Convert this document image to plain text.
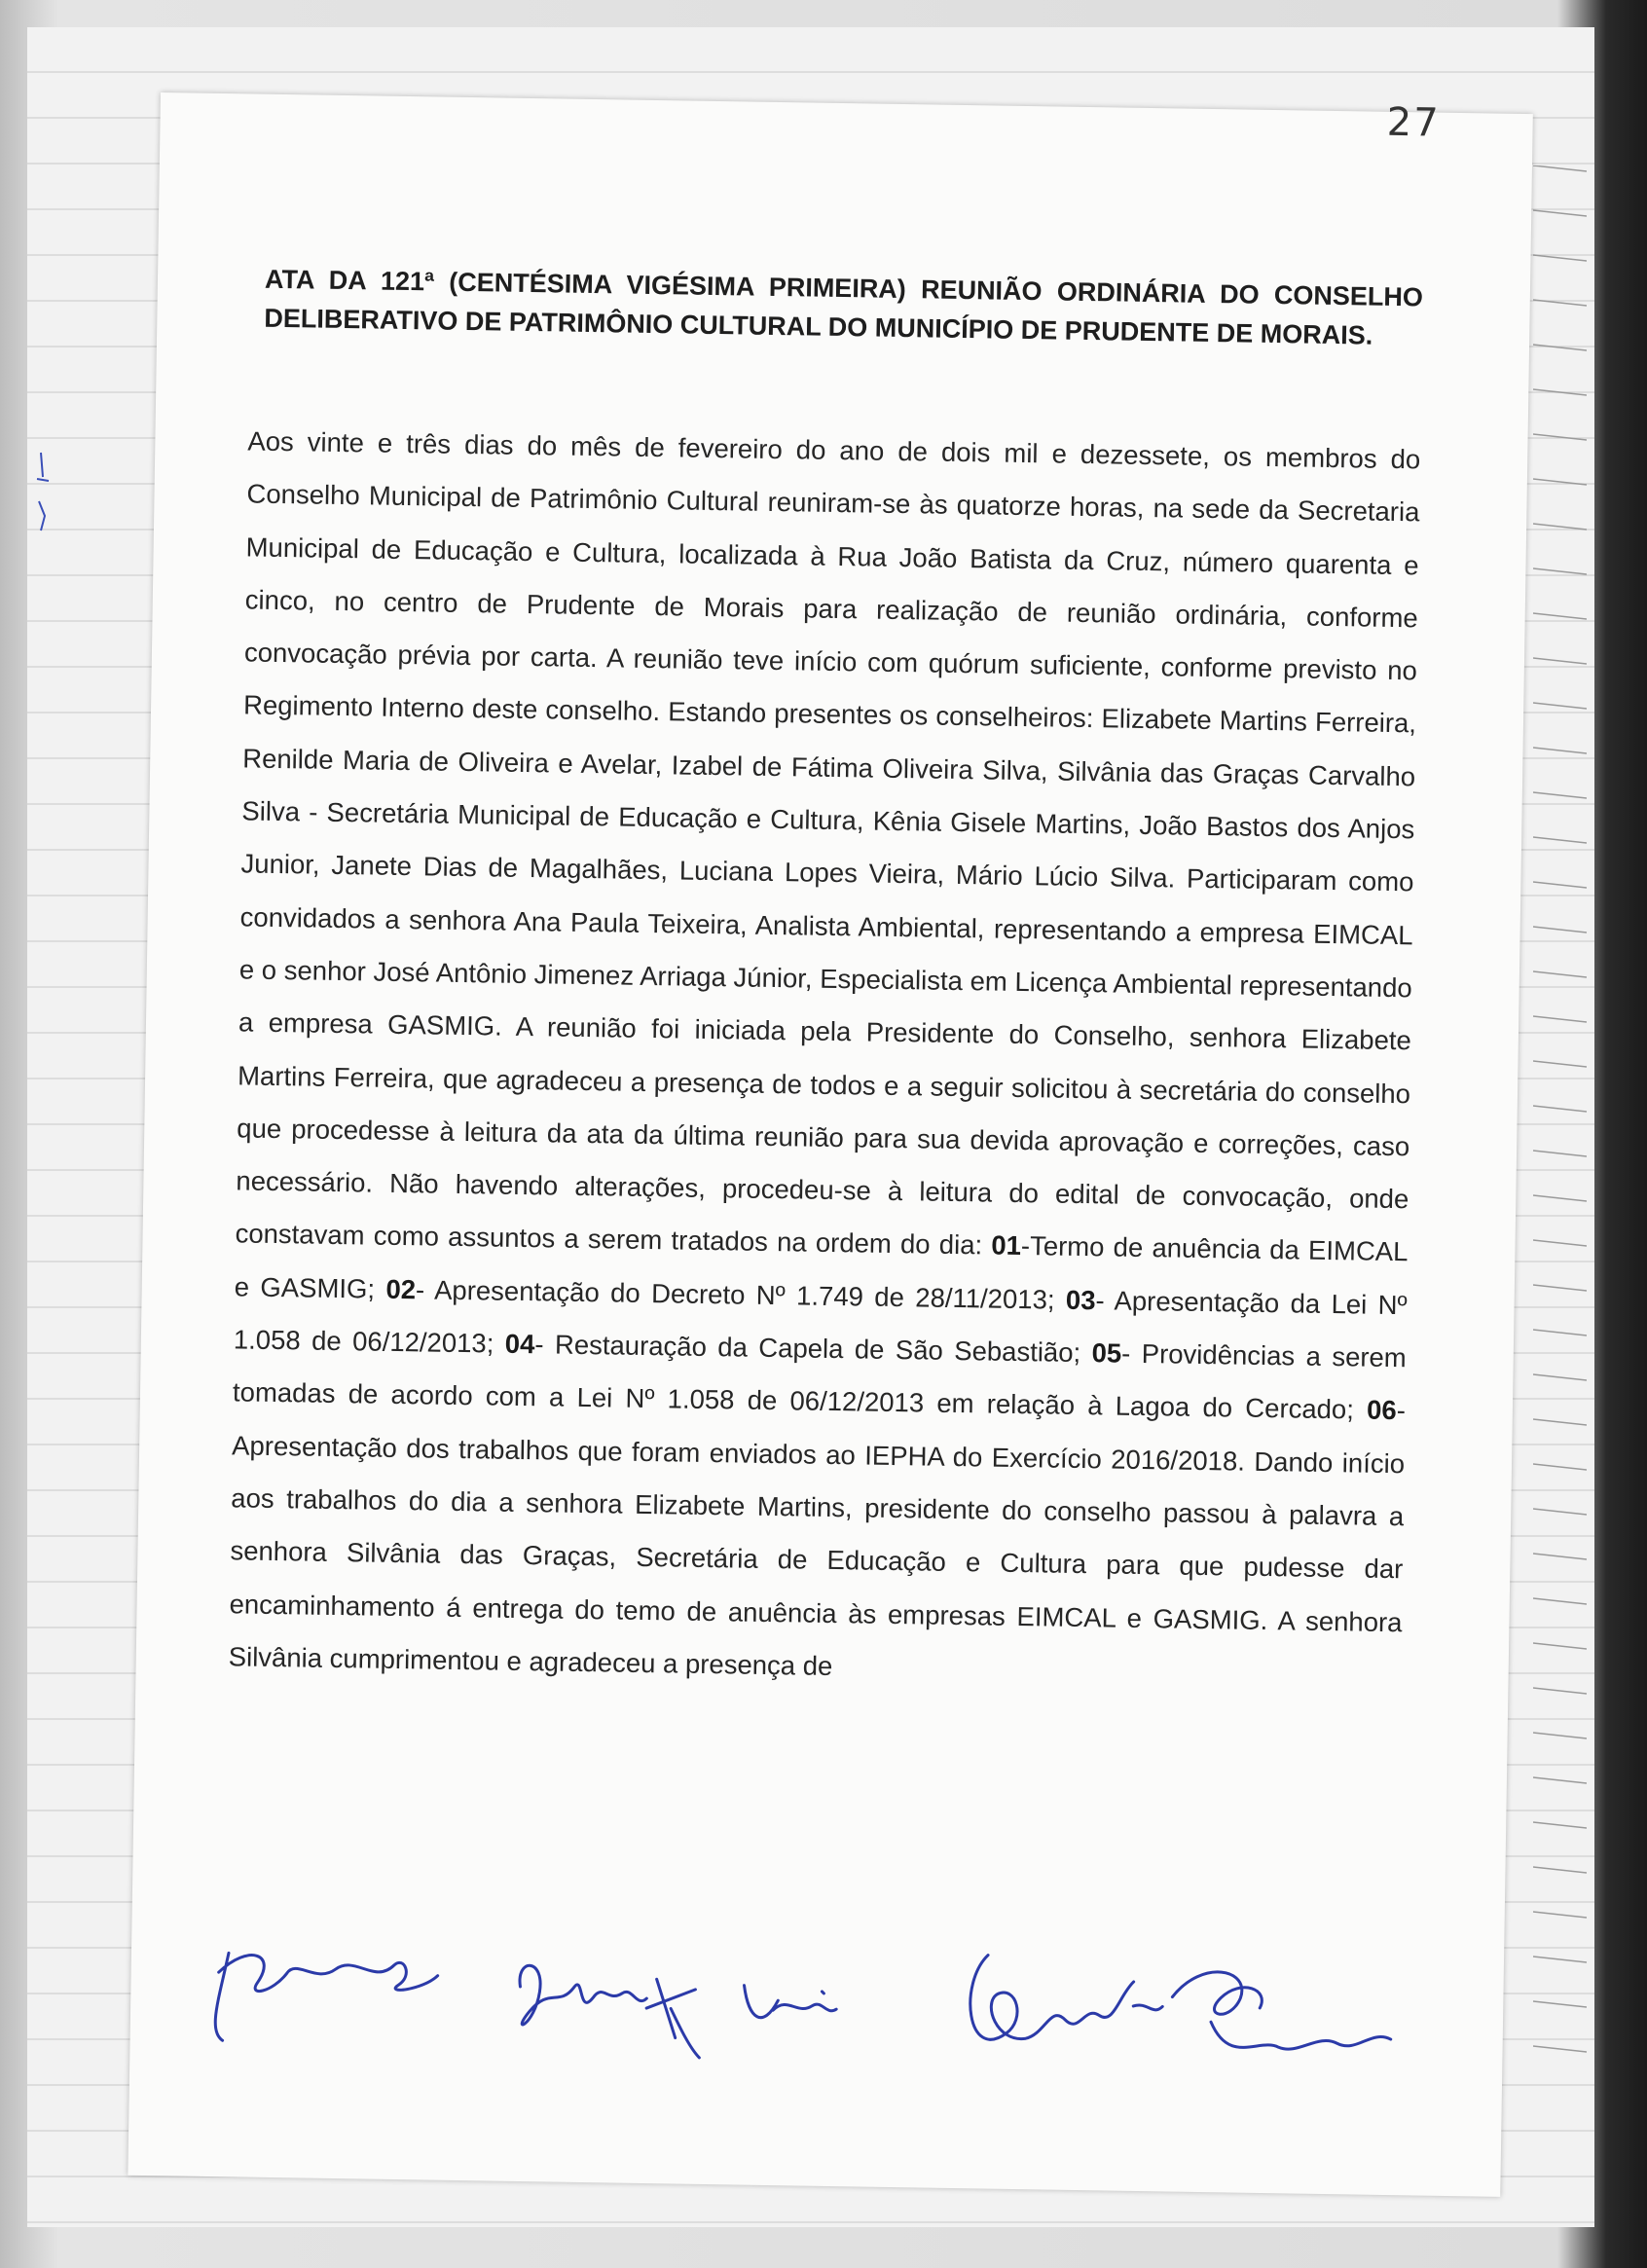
27
ATA DA 121ª (CENTÉSIMA VIGÉSIMA PRIMEIRA) REUNIÃO ORDINÁRIA DO CONSELHO DELIBERATIVO DE PATRIMÔNIO CULTURAL DO MUNICÍPIO DE PRUDENTE DE MORAIS.

Aos vinte e três dias do mês de fevereiro do ano de dois mil e dezessete, os membros do Conselho Municipal de Patrimônio Cultural reuniram-se às quatorze horas, na sede da Secretaria Municipal de Educação e Cultura, localizada à Rua João Batista da Cruz, número quarenta e cinco, no centro de Prudente de Morais para realização de reunião ordinária, conforme convocação prévia por carta. A reunião teve início com quórum suficiente, conforme previsto no Regimento Interno deste conselho. Estando presentes os conselheiros: Elizabete Martins Ferreira, Renilde Maria de Oliveira e Avelar, Izabel de Fátima Oliveira Silva, Silvânia das Graças Carvalho Silva - Secretária Municipal de Educação e Cultura, Kênia Gisele Martins, João Bastos dos Anjos Junior, Janete Dias de Magalhães, Luciana Lopes Vieira, Mário Lúcio Silva. Participaram como convidados a senhora Ana Paula Teixeira, Analista Ambiental, representando a empresa EIMCAL e o senhor José Antônio Jimenez Arriaga Júnior, Especialista em Licença Ambiental representando a empresa GASMIG. A reunião foi iniciada pela Presidente do Conselho, senhora Elizabete Martins Ferreira, que agradeceu a presença de todos e a seguir solicitou à secretária do conselho que procedesse à leitura da ata da última reunião para sua devida aprovação e correções, caso necessário. Não havendo alterações, procedeu-se à leitura do edital de convocação, onde constavam como assuntos a serem tratados na ordem do dia: 01-Termo de anuência da EIMCAL e GASMIG; 02- Apresentação do Decreto Nº 1.749 de 28/11/2013; 03- Apresentação da Lei Nº 1.058 de 06/12/2013; 04- Restauração da Capela de São Sebastião; 05- Providências a serem tomadas de acordo com a Lei Nº 1.058 de 06/12/2013 em relação à Lagoa do Cercado; 06- Apresentação dos trabalhos que foram enviados ao IEPHA do Exercício 2016/2018. Dando início aos trabalhos do dia a senhora Elizabete Martins, presidente do conselho passou à palavra a senhora Silvânia das Graças, Secretária de Educação e Cultura para que pudesse dar encaminhamento á entrega do temo de anuência às empresas EIMCAL e GASMIG. A senhora Silvânia cumprimentou e agradeceu a presença de
